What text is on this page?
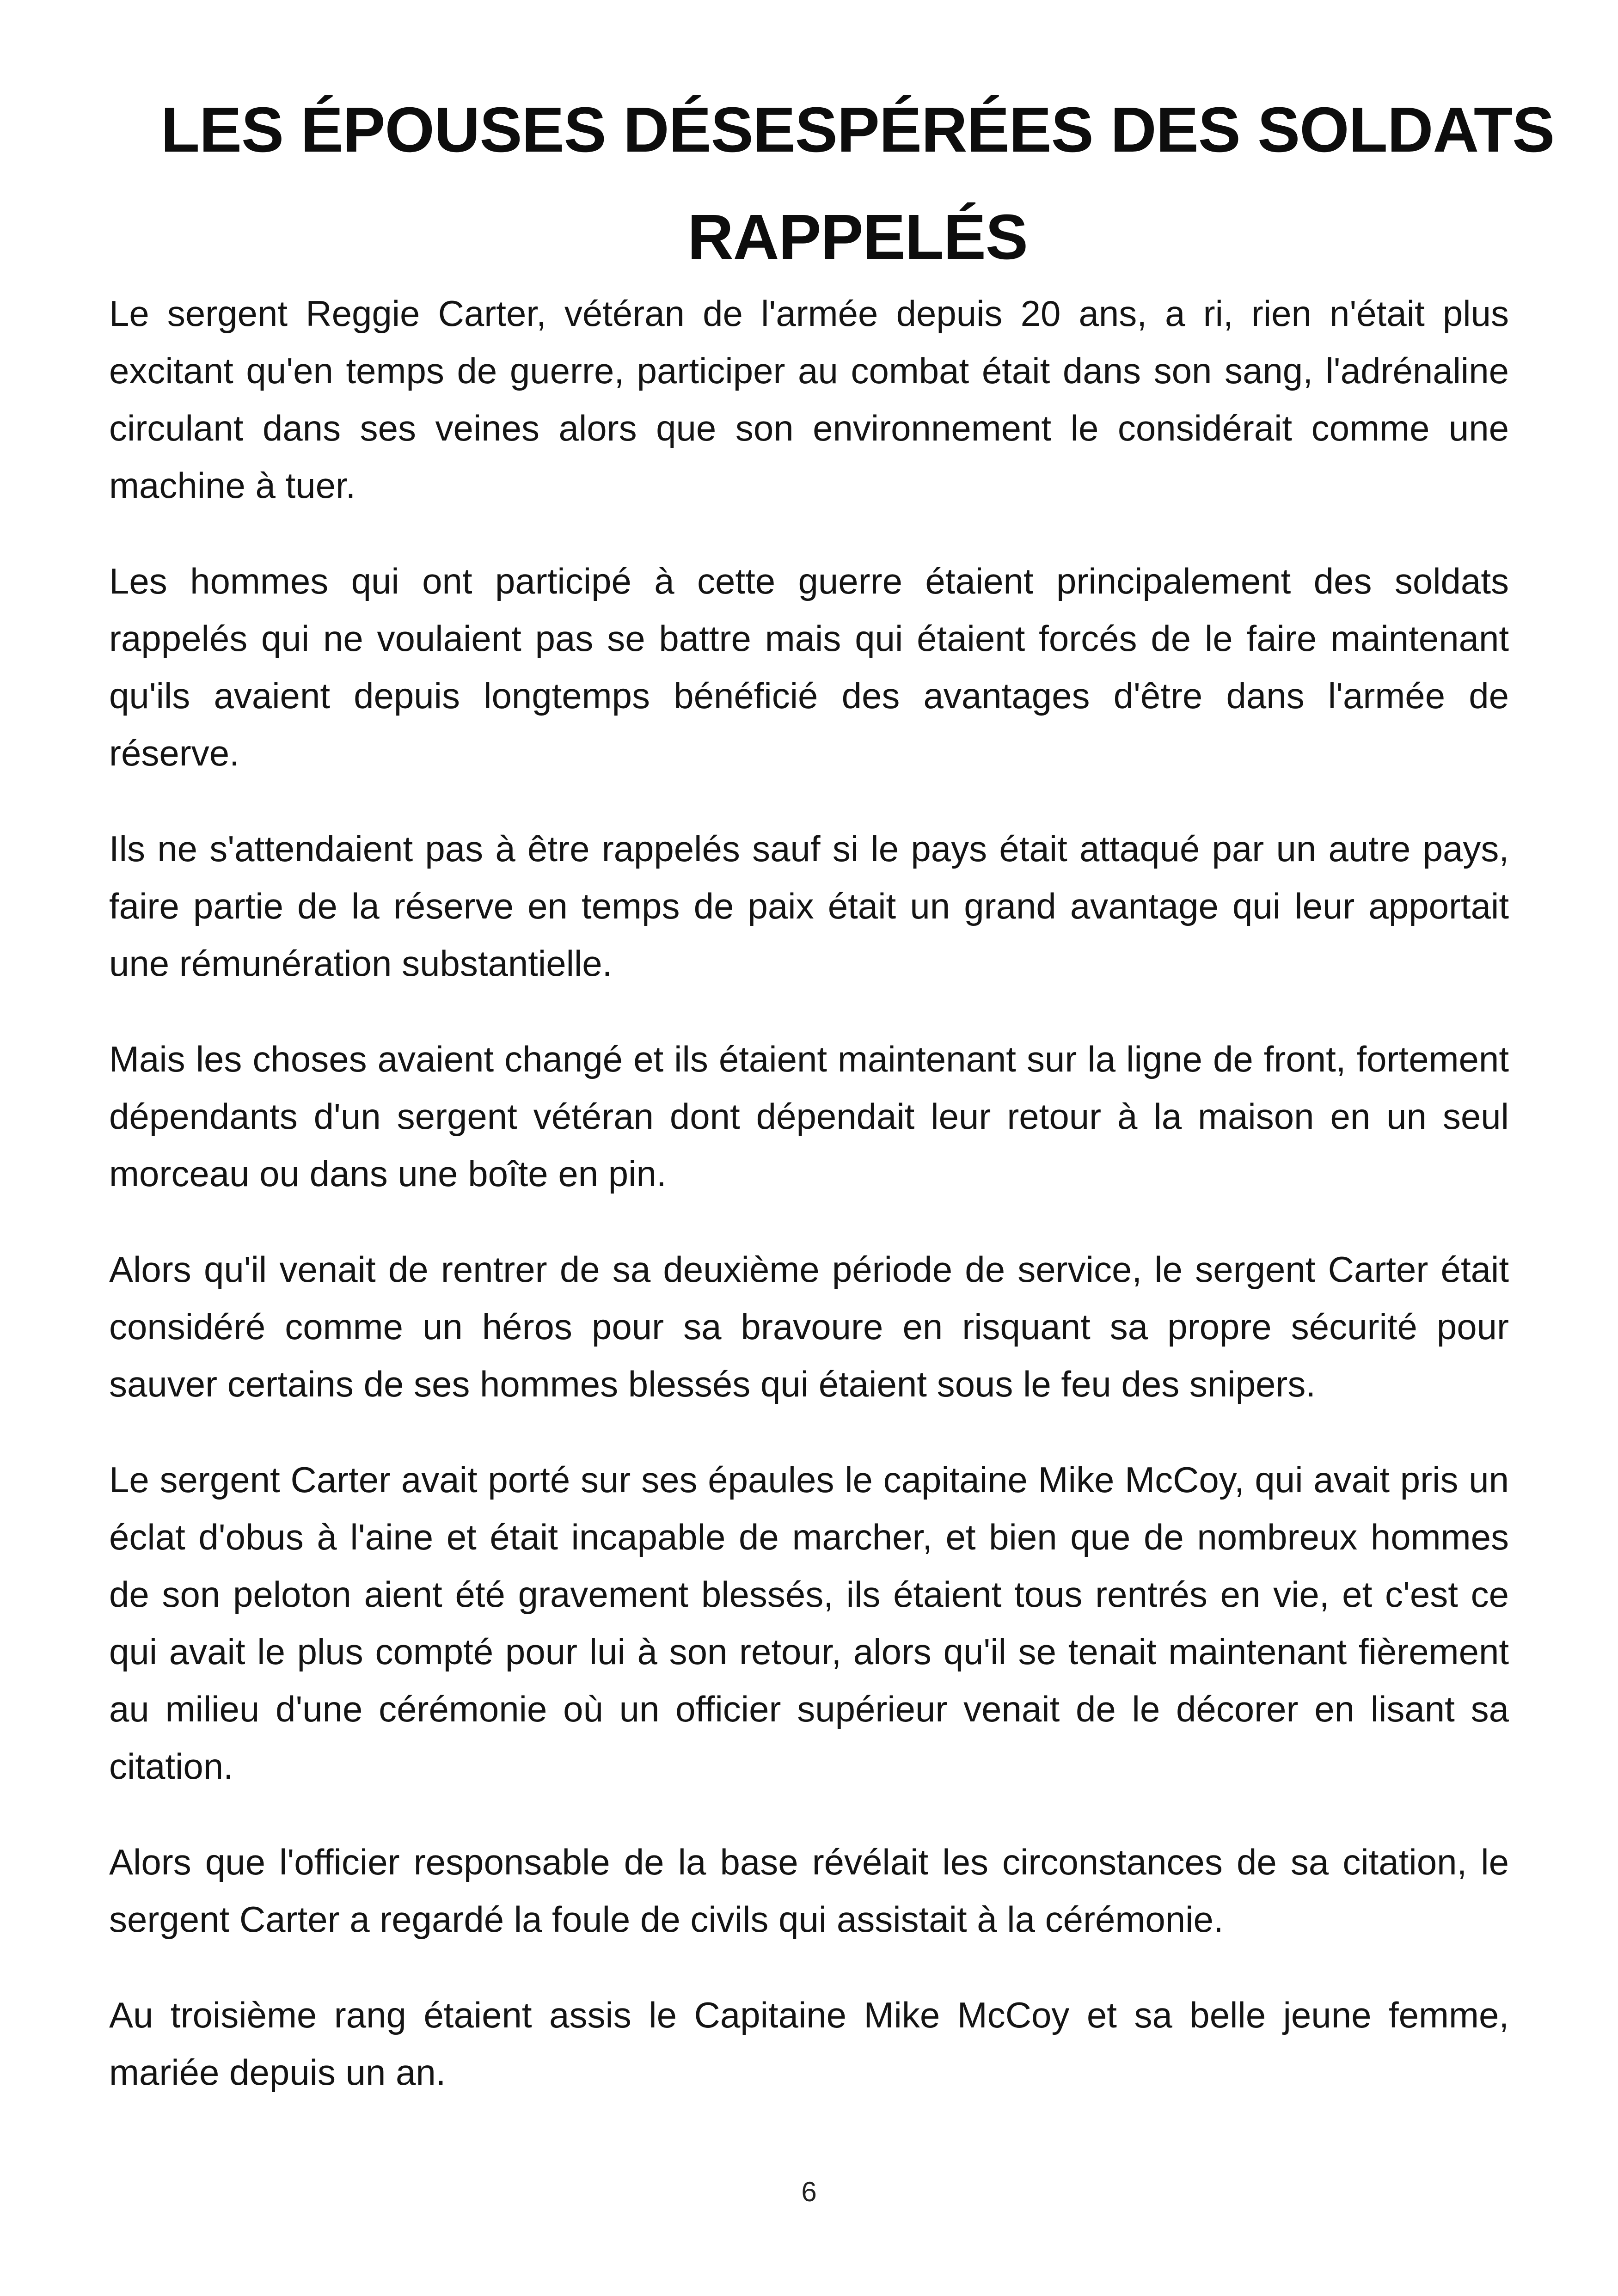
LES ÉPOUSES DÉSESPÉRÉES DES SOLDATS RAPPELÉS

Le sergent Reggie Carter, vétéran de l'armée depuis 20 ans, a ri, rien n'était plus excitant qu'en temps de guerre, participer au combat était dans son sang, l'adrénaline circulant dans ses veines alors que son environnement le considérait comme une machine à tuer.

Les hommes qui ont participé à cette guerre étaient principalement des soldats rappelés qui ne voulaient pas se battre mais qui étaient forcés de le faire maintenant qu'ils avaient depuis longtemps bénéficié des avantages d'être dans l'armée de réserve.

Ils ne s'attendaient pas à être rappelés sauf si le pays était attaqué par un autre pays, faire partie de la réserve en temps de paix était un grand avantage qui leur apportait une rémunération substantielle.

Mais les choses avaient changé et ils étaient maintenant sur la ligne de front, fortement dépendants d'un sergent vétéran dont dépendait leur retour à la maison en un seul morceau ou dans une boîte en pin.

Alors qu'il venait de rentrer de sa deuxième période de service, le sergent Carter était considéré comme un héros pour sa bravoure en risquant sa propre sécurité pour sauver certains de ses hommes blessés qui étaient sous le feu des snipers.

Le sergent Carter avait porté sur ses épaules le capitaine Mike McCoy, qui avait pris un éclat d'obus à l'aine et était incapable de marcher, et bien que de nombreux hommes de son peloton aient été gravement blessés, ils étaient tous rentrés en vie, et c'est ce qui avait le plus compté pour lui à son retour, alors qu'il se tenait maintenant fièrement au milieu d'une cérémonie où un officier supérieur venait de le décorer en lisant sa citation.

Alors que l'officier responsable de la base révélait les circonstances de sa citation, le sergent Carter a regardé la foule de civils qui assistait à la cérémonie.

Au troisième rang étaient assis le Capitaine Mike McCoy et sa belle jeune femme, mariée depuis un an.

6
